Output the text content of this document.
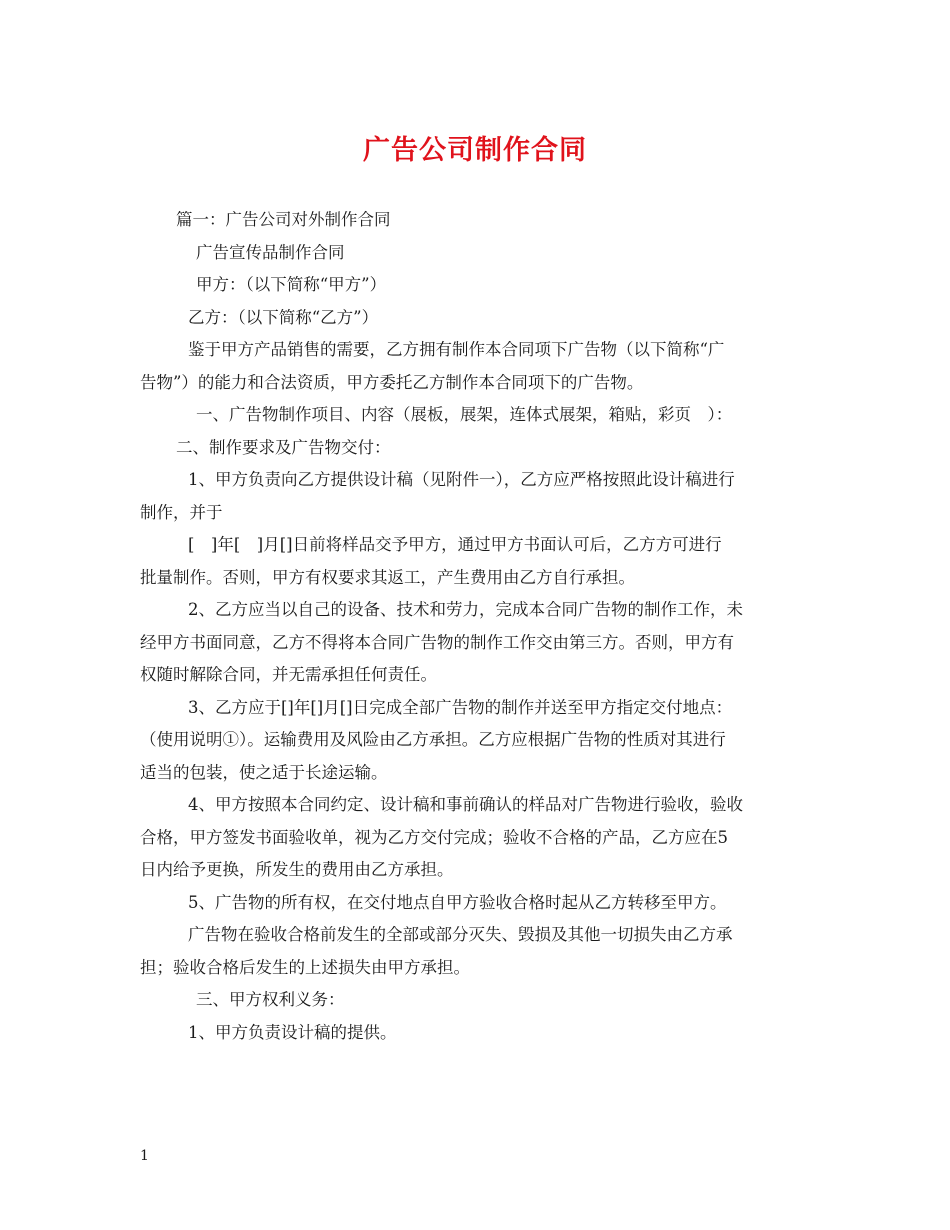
广告公司制作合同

篇一：广告公司对外制作合同

广告宣传品制作合同

甲方：（以下简称“甲方”）

乙方：（以下简称“乙方”）

鉴于甲方产品销售的需要，乙方拥有制作本合同项下广告物（以下简称“广

告物”）的能力和合法资质，甲方委托乙方制作本合同项下的广告物。

一、广告物制作项目、内容（展板，展架，连体式展架，箱贴，彩页　）：

二、制作要求及广告物交付：

1、甲方负责向乙方提供设计稿（见附件一），乙方应严格按照此设计稿进行

制作，并于

[　]年[　]月[]日前将样品交予甲方，通过甲方书面认可后，乙方方可进行

批量制作。否则，甲方有权要求其返工，产生费用由乙方自行承担。

2、乙方应当以自己的设备、技术和劳力，完成本合同广告物的制作工作，未

经甲方书面同意，乙方不得将本合同广告物的制作工作交由第三方。否则，甲方有

权随时解除合同，并无需承担任何责任。

3、乙方应于[]年[]月[]日完成全部广告物的制作并送至甲方指定交付地点：

（使用说明①）。运输费用及风险由乙方承担。乙方应根据广告物的性质对其进行

适当的包装，使之适于长途运输。

4、甲方按照本合同约定、设计稿和事前确认的样品对广告物进行验收，验收

合格，甲方签发书面验收单，视为乙方交付完成；验收不合格的产品，乙方应在5

日内给予更换，所发生的费用由乙方承担。

5、广告物的所有权，在交付地点自甲方验收合格时起从乙方转移至甲方。

广告物在验收合格前发生的全部或部分灭失、毁损及其他一切损失由乙方承

担；验收合格后发生的上述损失由甲方承担。

三、甲方权利义务：

1、甲方负责设计稿的提供。

1
